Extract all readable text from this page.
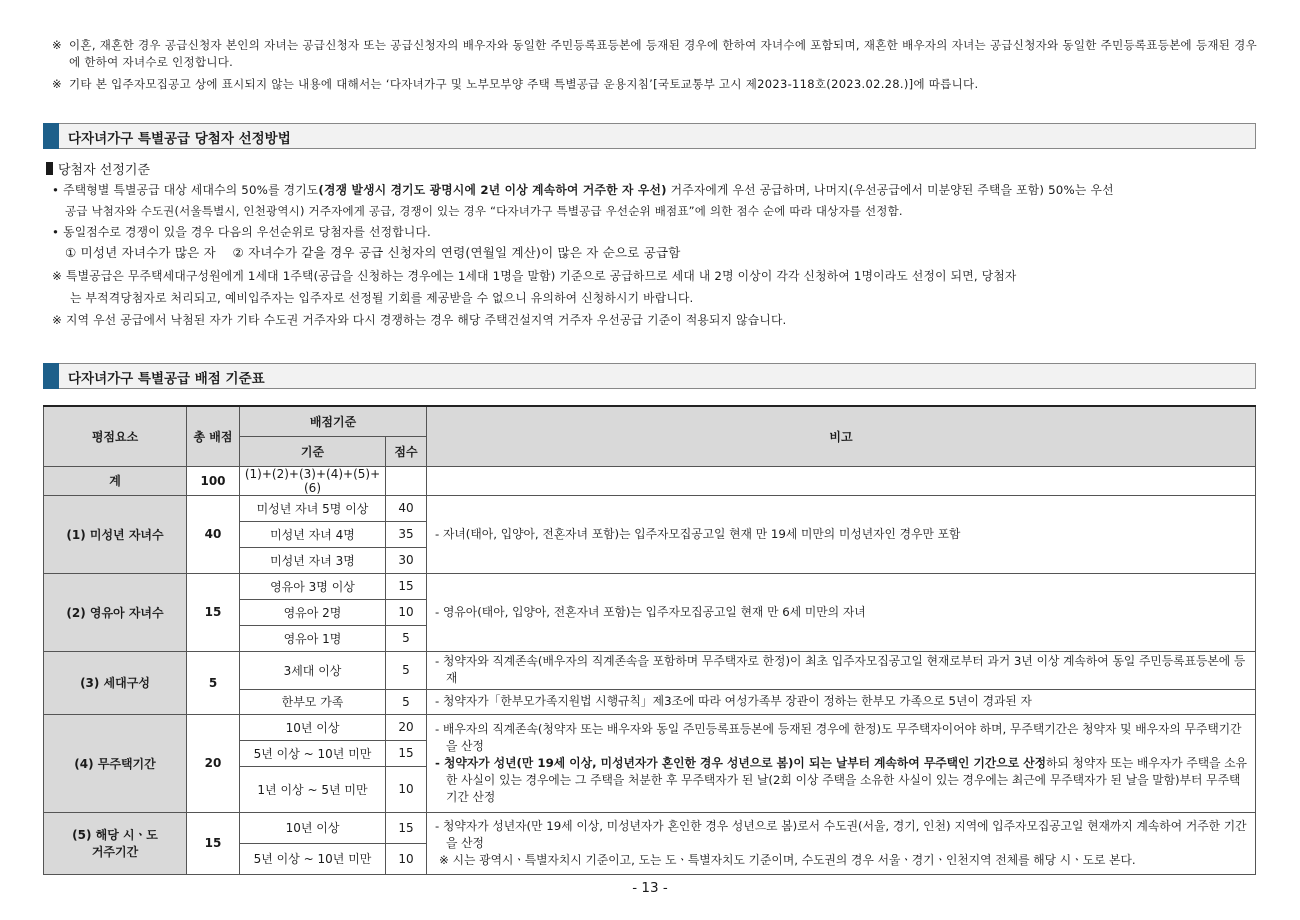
※ 이혼, 재혼한 경우 공급신청자 본인의 자녀는 공급신청자 또는 공급신청자의 배우자와 동일한 주민등록표등본에 등재된 경우에 한하여 자녀수에 포함되며, 재혼한 배우자의 자녀는 공급신청자와 동일한 주민등록표등본에 등재된 경우에 한하여 자녀수로 인정합니다.
※ 기타 본 입주자모집공고 상에 표시되지 않는 내용에 대해서는 ‘다자녀가구 및 노부모부양 주택 특별공급 운용지침’[국토교통부 고시 제2023-118호(2023.02.28.)]에 따릅니다.
다자녀가구 특별공급 당첨자 선정방법
당첨자 선정기준
• 주택형별 특별공급 대상 세대수의 50%를 경기도(경쟁 발생시 경기도 광명시에 2년 이상 계속하여 거주한 자 우선) 거주자에게 우선 공급하며, 나머지(우선공급에서 미분양된 주택을 포함) 50%는 우선
공급 낙첨자와 수도권(서울특별시, 인천광역시) 거주자에게 공급, 경쟁이 있는 경우 “다자녀가구 특별공급 우선순위 배점표”에 의한 점수 순에 따라 대상자를 선정함.
• 동일점수로 경쟁이 있을 경우 다음의 우선순위로 당첨자를 선정합니다.
① 미성년 자녀수가 많은 자    ② 자녀수가 같을 경우 공급 신청자의 연령(연월일 계산)이 많은 자 순으로 공급함
※ 특별공급은 무주택세대구성원에게 1세대 1주택(공급을 신청하는 경우에는 1세대 1명을 말함) 기준으로 공급하므로 세대 내 2명 이상이 각각 신청하여 1명이라도 선정이 되면, 당첨자
는 부적격당첨자로 처리되고, 예비입주자는 입주자로 선정될 기회를 제공받을 수 없으니 유의하여 신청하시기 바랍니다.
※ 지역 우선 공급에서 낙첨된 자가 기타 수도권 거주자와 다시 경쟁하는 경우 해당 주택건설지역 거주자 우선공급 기준이 적용되지 않습니다.
다자녀가구 특별공급 배점 기준표
평점요소	총 배점	배점기준		비고
		기준	점수	
계	100	(1)+(2)+(3)+(4)+(5)+(6)		
(1) 미성년 자녀수	40	미성년 자녀 5명 이상	40	- 자녀(태아, 입양아, 전혼자녀 포함)는 입주자모집공고일 현재 만 19세 미만의 미성년자인 경우만 포함
		미성년 자녀 4명	35	
		미성년 자녀 3명	30	
(2) 영유아 자녀수	15	영유아 3명 이상	15	- 영유아(태아, 입양아, 전혼자녀 포함)는 입주자모집공고일 현재 만 6세 미만의 자녀
		영유아 2명	10	
		영유아 1명	5	
(3) 세대구성	5	3세대 이상	5	- 청약자와 직계존속(배우자의 직계존속을 포함하며 무주택자로 한정)이 최초 입주자모집공고일 현재로부터 과거 3년 이상 계속하여 동일 주민등록표등본에 등재

		한부모 가족	5	- 청약자가「한부모가족지원법 시행규칙」제3조에 따라 여성가족부 장관이 정하는 한부모 가족으로 5년이 경과된 자

(4) 무주택기간	20	10년 이상	20	- 배우자의 직계존속(청약자 또는 배우자와 동일 주민등록표등본에 등재된 경우에 한정)도 무주택자이어야 하며, 무주택기간은 청약자 및 배우자의 무주택기간을 산정
- 청약자가 성년(만 19세 이상, 미성년자가 혼인한 경우 성년으로 봄)이 되는 날부터 계속하여 무주택인 기간으로 산정하되 청약자 또는 배우자가 주택을 소유한 사실이 있는 경우에는 그 주택을 처분한 후 무주택자가 된 날(2회 이상 주택을 소유한 사실이 있는 경우에는 최근에 무주택자가 된 날을 말함)부터 무주택 기간 산정

		5년 이상 ~ 10년 미만	15	
		1년 이상 ~ 5년 미만	10	
(5) 해당 시ㆍ도
거주기간	15	10년 이상	15	- 청약자가 성년자(만 19세 이상, 미성년자가 혼인한 경우 성년으로 봄)로서 수도권(서울, 경기, 인천) 지역에 입주자모집공고일 현재까지 계속하여 거주한 기간을 산정
※ 시는 광역시ㆍ특별자치시 기준이고, 도는 도ㆍ특별자치도 기준이며, 수도권의 경우 서울ㆍ경기ㆍ인천지역 전체를 해당 시ㆍ도로 본다.

		5년 이상 ~ 10년 미만	10	
- 13 -
